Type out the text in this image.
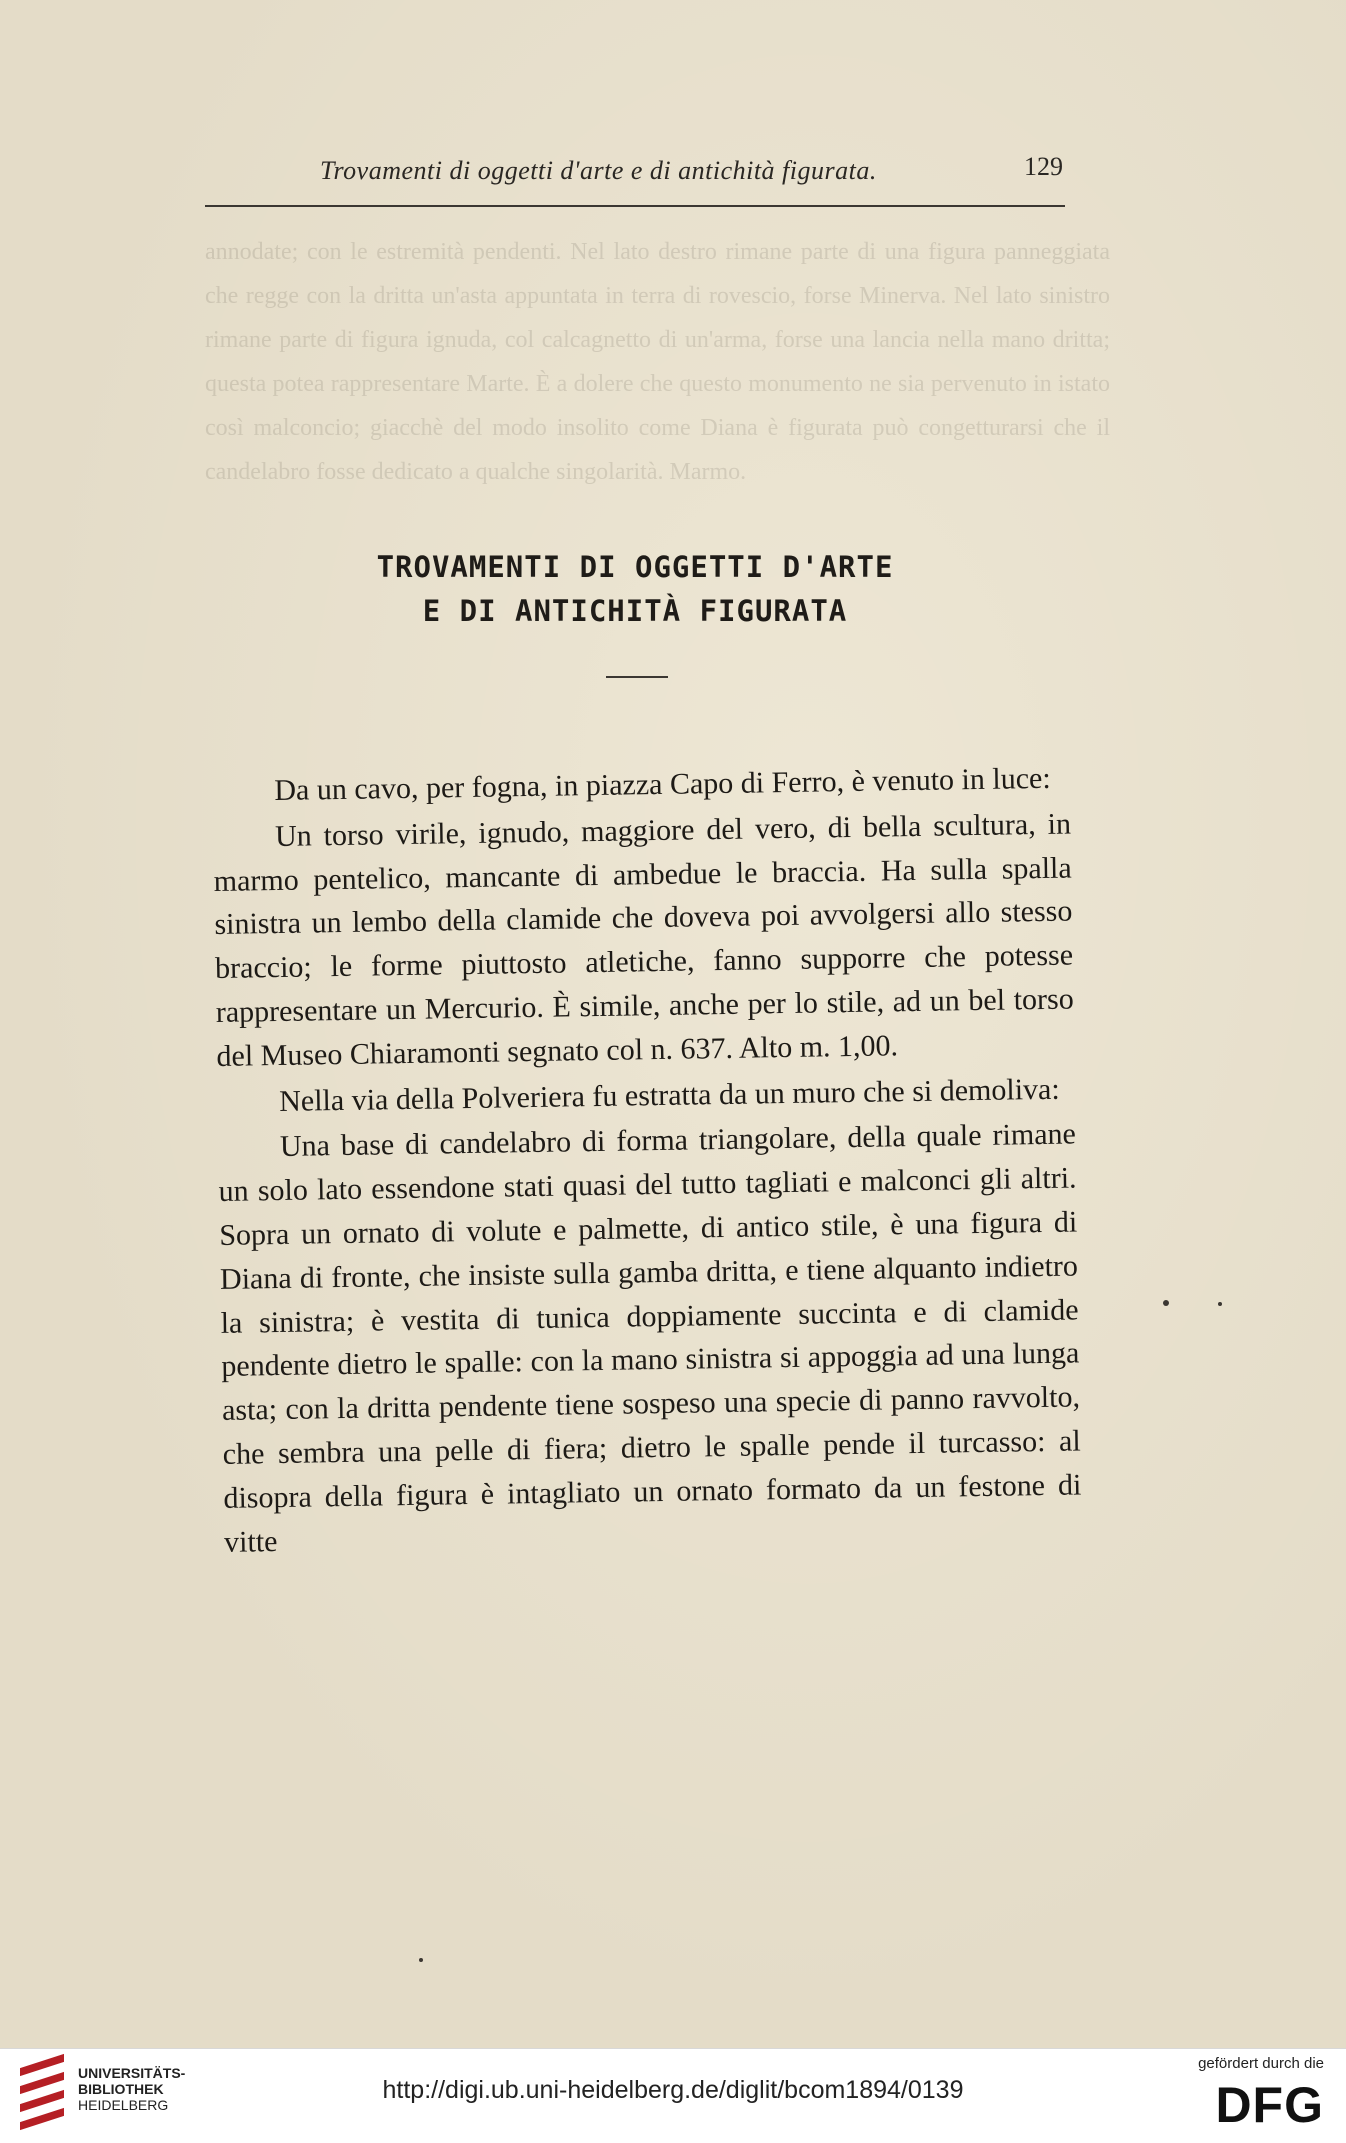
Trovamenti di oggetti d'arte e di antichità figurata.	129

annodate; con le estremità pendenti. Nel lato destro rimane parte di una figura panneggiata che regge con la dritta un'asta appuntata in terra di rovescio, forse Minerva. Nel lato sinistro rimane parte di figura ignuda, col calcagnetto di un'arma, forse una lancia nella mano dritta; questa potea rappresentare Marte. È a dolere che questo monumento ne sia pervenuto in istato così malconcio; giacchè del modo insolito come Diana è figurata può congetturarsi che il candelabro fosse dedicato a qualche singolarità. Marmo.

TROVAMENTI DI OGGETTI D'ARTE
E DI ANTICHITÀ FIGURATA

Da un cavo, per fogna, in piazza Capo di Ferro, è venuto in luce:

Un torso virile, ignudo, maggiore del vero, di bella scultura, in marmo pentelico, mancante di ambedue le braccia. Ha sulla spalla sinistra un lembo della clamide che doveva poi avvolgersi allo stesso braccio; le forme piuttosto atletiche, fanno supporre che potesse rappresentare un Mercurio. È simile, anche per lo stile, ad un bel torso del Museo Chiaramonti segnato col n. 637. Alto m. 1,00.

Nella via della Polveriera fu estratta da un muro che si demoliva:

Una base di candelabro di forma triangolare, della quale rimane un solo lato essendone stati quasi del tutto tagliati e malconci gli altri. Sopra un ornato di volute e palmette, di antico stile, è una figura di Diana di fronte, che insiste sulla gamba dritta, e tiene alquanto indietro la sinistra; è vestita di tunica doppiamente succinta e di clamide pendente dietro le spalle: con la mano sinistra si appoggia ad una lunga asta; con la dritta pendente tiene sospeso una specie di panno ravvolto, che sembra una pelle di fiera; dietro le spalle pende il turcasso: al disopra della figura è intagliato un ornato formato da un festone di vitte

UNIVERSITÄTS-
BIBLIOTHEK
HEIDELBERG
http://digi.ub.uni-heidelberg.de/diglit/bcom1894/0139
gefördert durch die
DFG
